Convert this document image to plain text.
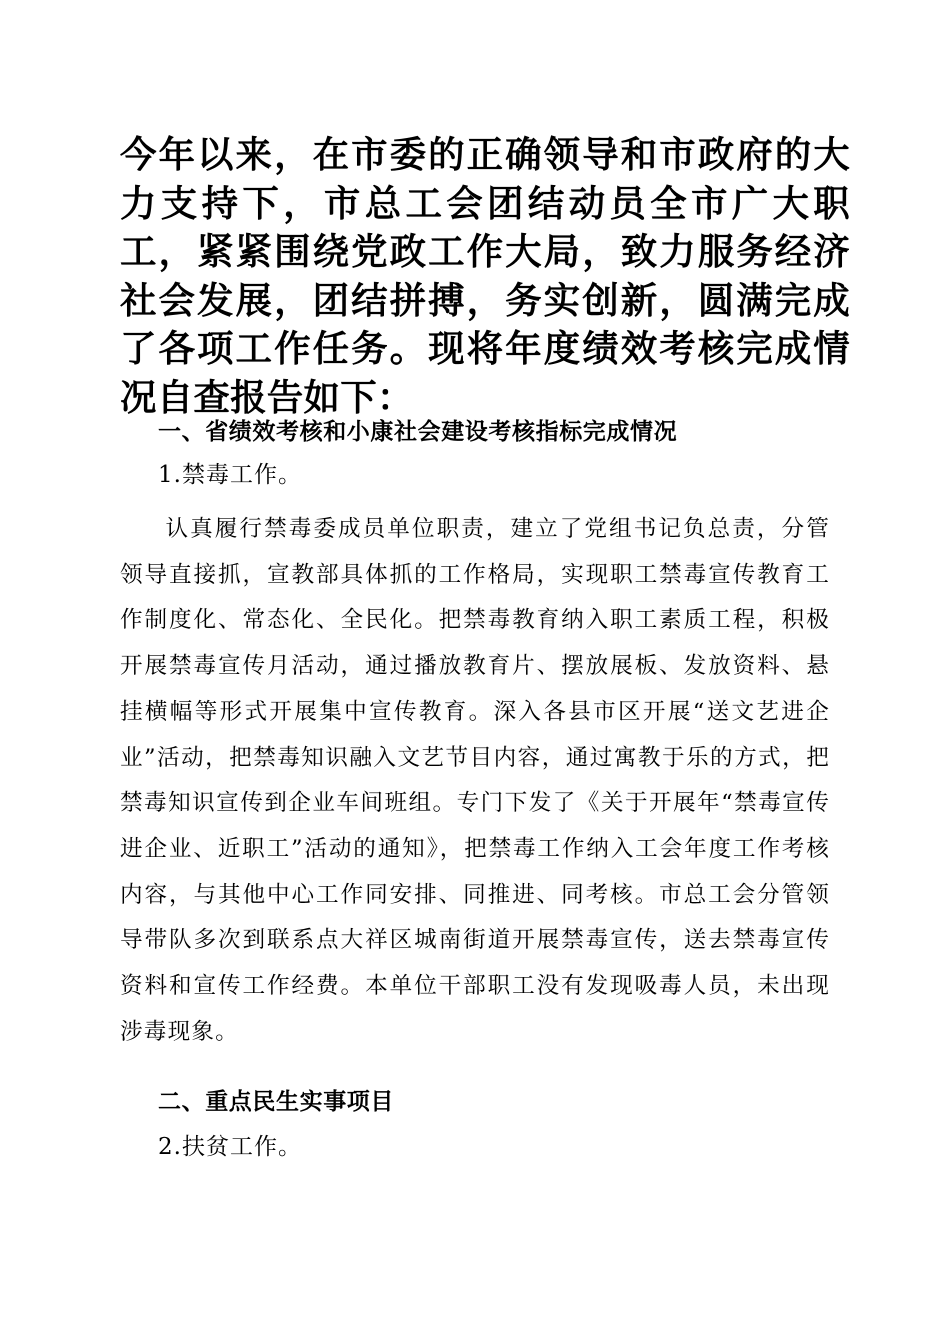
今年以来，在市委的正确领导和市政府的大力支持下，市总工会团结动员全市广大职工，紧紧围绕党政工作大局，致力服务经济社会发展，团结拼搏，务实创新，圆满完成了各项工作任务。现将年度绩效考核完成情况自查报告如下：

一、省绩效考核和小康社会建设考核指标完成情况

1.禁毒工作。

认真履行禁毒委成员单位职责，建立了党组书记负总责，分管领导直接抓，宣教部具体抓的工作格局，实现职工禁毒宣传教育工作制度化、常态化、全民化。把禁毒教育纳入职工素质工程，积极开展禁毒宣传月活动，通过播放教育片、摆放展板、发放资料、悬挂横幅等形式开展集中宣传教育。深入各县市区开展“送文艺进企业”活动，把禁毒知识融入文艺节目内容，通过寓教于乐的方式，把禁毒知识宣传到企业车间班组。专门下发了《关于开展年“禁毒宣传进企业、近职工”活动的通知》，把禁毒工作纳入工会年度工作考核内容，与其他中心工作同安排、同推进、同考核。市总工会分管领导带队多次到联系点大祥区城南街道开展禁毒宣传，送去禁毒宣传资料和宣传工作经费。本单位干部职工没有发现吸毒人员，未出现涉毒现象。

二、重点民生实事项目

2.扶贫工作。
